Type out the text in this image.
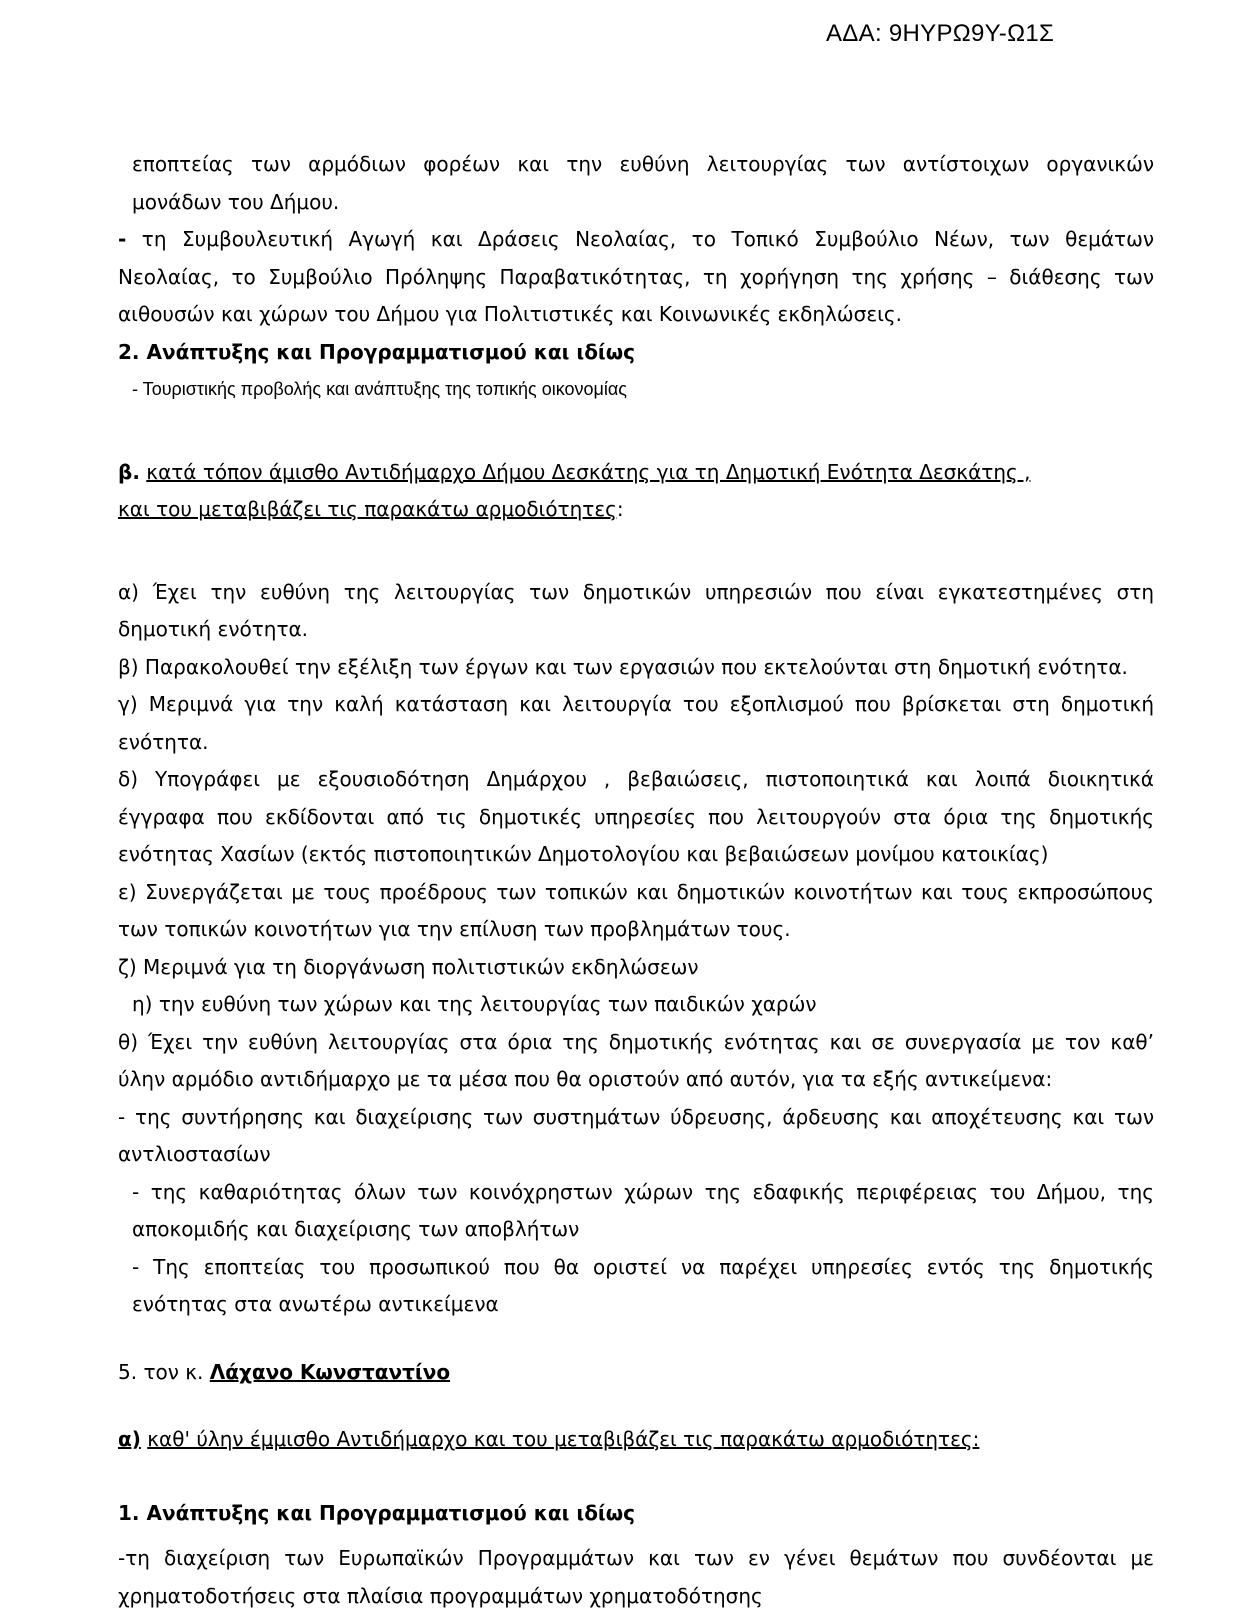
ΑΔΑ: 9ΗΥΡΩ9Υ-Ω1Σ

εποπτείας των αρμόδιων φορέων και την ευθύνη λειτουργίας των αντίστοιχων οργανικών

μονάδων του Δήμου.

- τη Συμβουλευτική Αγωγή και Δράσεις Νεολαίας, το Τοπικό Συμβούλιο Νέων, των θεμάτων

Νεολαίας, το Συμβούλιο Πρόληψης Παραβατικότητας, τη χορήγηση της χρήσης – διάθεσης των

αιθουσών και χώρων του Δήμου για Πολιτιστικές και Κοινωνικές εκδηλώσεις.

2. Ανάπτυξης και Προγραμματισμού και ιδίως

- Τουριστικής προβολής και ανάπτυξης της τοπικής οικονομίας

β. κατά τόπον άμισθο Αντιδήμαρχο Δήμου Δεσκάτης για τη Δημοτική Ενότητα Δεσκάτης ,

και του μεταβιβάζει τις παρακάτω αρμοδιότητες:

α) Έχει την ευθύνη της λειτουργίας των δημοτικών υπηρεσιών που είναι εγκατεστημένες στη

δημοτική ενότητα.

β) Παρακολουθεί την εξέλιξη των έργων και των εργασιών που εκτελούνται στη δημοτική ενότητα.

γ) Μεριμνά για την καλή κατάσταση και λειτουργία του εξοπλισμού που βρίσκεται στη δημοτική

ενότητα.

δ) Υπογράφει με εξουσιοδότηση Δημάρχου , βεβαιώσεις, πιστοποιητικά και λοιπά διοικητικά

έγγραφα που εκδίδονται από τις δημοτικές υπηρεσίες που λειτουργούν στα όρια της δημοτικής

ενότητας Χασίων (εκτός πιστοποιητικών Δημοτολογίου και βεβαιώσεων μονίμου κατοικίας)

ε) Συνεργάζεται με τους προέδρους των τοπικών και δημοτικών κοινοτήτων και τους εκπροσώπους

των τοπικών κοινοτήτων για την επίλυση των προβλημάτων τους.

ζ) Μεριμνά για τη διοργάνωση πολιτιστικών εκδηλώσεων

η) την ευθύνη των χώρων και της λειτουργίας των παιδικών χαρών

θ) Έχει την ευθύνη λειτουργίας στα όρια της δημοτικής ενότητας και σε συνεργασία με τον καθ’

ύλην αρμόδιο αντιδήμαρχο με τα μέσα που θα οριστούν από αυτόν, για τα εξής αντικείμενα:

- της συντήρησης και διαχείρισης των συστημάτων ύδρευσης, άρδευσης και αποχέτευσης και των

αντλιοστασίων

- της καθαριότητας όλων των κοινόχρηστων χώρων της εδαφικής περιφέρειας του Δήμου, της

αποκομιδής και διαχείρισης των αποβλήτων

- Της εποπτείας του προσωπικού που θα οριστεί να παρέχει υπηρεσίες εντός της δημοτικής

ενότητας στα ανωτέρω αντικείμενα

5. τον κ. Λάχανο Κωνσταντίνο

α) καθ' ύλην έμμισθο Αντιδήμαρχο και του μεταβιβάζει τις παρακάτω αρμοδιότητες:

1. Ανάπτυξης και Προγραμματισμού και ιδίως

-τη διαχείριση των Ευρωπαϊκών Προγραμμάτων και των εν γένει θεμάτων που συνδέονται με

χρηματοδοτήσεις στα πλαίσια προγραμμάτων χρηματοδότησης
